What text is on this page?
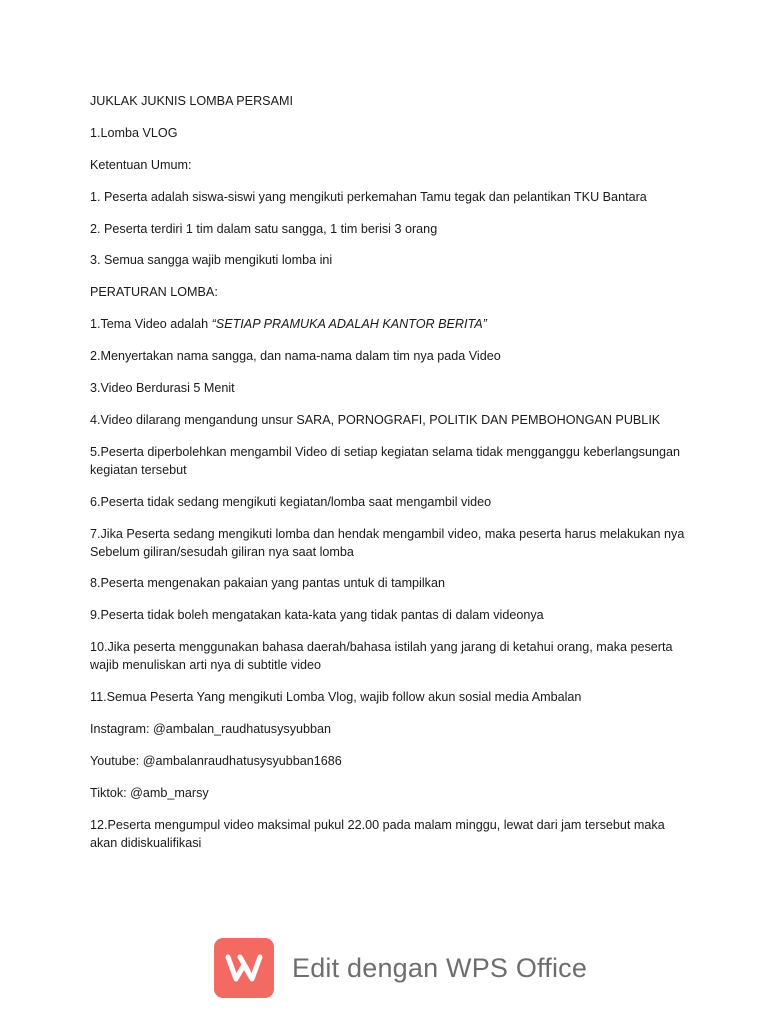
JUKLAK JUKNIS LOMBA PERSAMI

1.Lomba VLOG

Ketentuan Umum:

1. Peserta adalah siswa-siswi yang mengikuti perkemahan Tamu tegak dan pelantikan TKU Bantara

2. Peserta terdiri 1 tim dalam satu sangga, 1 tim berisi 3 orang

3. Semua sangga wajib mengikuti lomba ini

PERATURAN LOMBA:

1.Tema Video adalah “SETIAP PRAMUKA ADALAH KANTOR BERITA”

2.Menyertakan nama sangga, dan nama-nama dalam tim nya pada Video

3.Video Berdurasi 5 Menit

4.Video dilarang mengandung unsur SARA, PORNOGRAFI, POLITIK DAN PEMBOHONGAN PUBLIK

5.Peserta diperbolehkan mengambil Video di setiap kegiatan selama tidak mengganggu keberlangsungan kegiatan tersebut

6.Peserta tidak sedang mengikuti kegiatan/lomba saat mengambil video

7.Jika Peserta sedang mengikuti lomba dan hendak mengambil video, maka peserta harus melakukan nya Sebelum giliran/sesudah giliran nya saat lomba

8.Peserta mengenakan pakaian yang pantas untuk di tampilkan

9.Peserta tidak boleh mengatakan kata-kata yang tidak pantas di dalam videonya

10.Jika peserta menggunakan bahasa daerah/bahasa istilah yang jarang di ketahui orang, maka peserta wajib menuliskan arti nya di subtitle video

11.Semua Peserta Yang mengikuti Lomba Vlog, wajib follow akun sosial media Ambalan

Instagram: @ambalan_raudhatusysyubban

Youtube: @ambalanraudhatusysyubban1686

Tiktok: @amb_marsy

12.Peserta mengumpul video maksimal pukul 22.00 pada malam minggu, lewat dari jam tersebut maka akan didiskualifikasi

Edit dengan WPS Office
